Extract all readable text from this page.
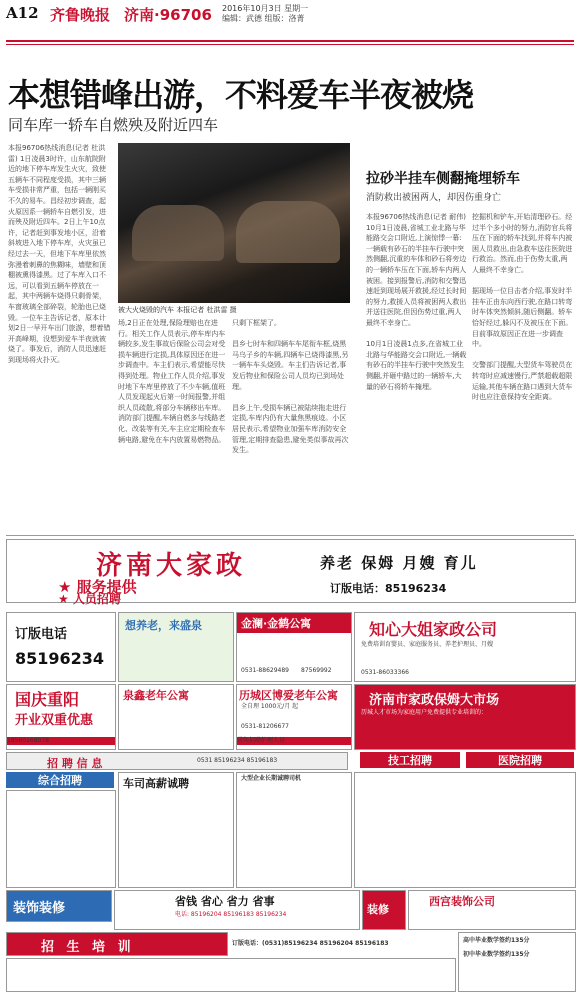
A12 齐鲁晚报 济南·96706 2016年10月3日 星期一
编辑：武德 组版：洛菁
本想错峰出游，不料爱车半夜被烧
同车库一轿车自燃殃及附近四车
本报96706热线消息(记者 杜洪雷) 1日凌晨3时许，山东航院附近的地下停车库发生火灾，致使五辆车不同程度受损，其中三辆车受损非常严重，包括一辆刚买不久的易车。昌经初步调查，起火原因系一辆轿车自燃引发，进而殃及附近四车。2日上午10点许，记者赶到事发地小区，沿着斜坡进入地下停车库，火灾虽已经过去一天，但地下车库里依然弥漫着刺鼻的焦糊味，墙壁和顶棚被熏得漆黑。过了车库入口不远，可以看到五辆车停放在一起，其中两辆车烧得只剩骨架，车窗玻璃全部碎裂，轮胎也已烧毁。一位车主告诉记者，原本计划2日一早开车出门旅游，想着错开高峰期，没想到爱车半夜就被烧了。事发后，消防人员迅速赶到现场将火扑灭。
被大火烧毁的汽车 本报记者 杜洪雷 摄
场,2日正在处理,保险理赔也在进行。相关工作人员表示,停车库内车辆较多,发生事故后保险公司会对受损车辆进行定损,具体原因还在进一步调查中。车主们表示,希望能尽快得到处理。物业工作人员介绍,事发时地下车库里停放了不少车辆,值班人员发现起火后第一时间报警,并组织人员疏散,将部分车辆移出车库。消防部门提醒,车辆自燃多与线路老化、改装等有关,车主应定期检查车辆电路,避免在车内放置易燃物品。
只剩下框架了。

昌乡七时车和四辆车车尾衔车框,烧黑马乌子乡的车辆,四辆车已烧得漆黑,另一辆车车头烧毁。车主们告诉记者,事发后物业和保险公司人员均已到场处理。

昌乡上午,受损车辆已被陆续拖走进行定损,车库内仍有大量焦黑痕迹。小区居民表示,希望物业加强车库消防安全管理,定期排查隐患,避免类似事故再次发生。
拉砂半挂车侧翻掩埋轿车
消防救出被困两人，却因伤重身亡
本报96706热线消息(记者 耐伟) 10月1日凌晨,省城工业北路与华能路交会口附近,上演惊悸一幕:一辆载有砂石的半挂车行驶中突然侧翻,沉重的车体和砂石将旁边的一辆轿车压在下面,轿车内两人被困。接到报警后,消防和交警迅速赶到现场展开救援,经过长时间的努力,救援人员将被困两人救出并送往医院,但因伤势过重,两人最终不幸身亡。

10月1日凌晨1点多,在省城工业北路与华能路交会口附近,一辆载有砂石的半挂车行驶中突然发生侧翻,并砸中路过的一辆轿车,大量的砂石将轿车掩埋。
挖掘机和铲车,开始清理砂石。经过半个多小时的努力,消防官兵将压在下面的轿车找到,并将车内被困人员救出,由急救车送往医院进行救治。然而,由于伤势太重,两人最终不幸身亡。

据现场一位目击者介绍,事发时半挂车正由东向西行驶,在路口转弯时车体突然倾斜,随后侧翻。轿车恰好经过,躲闪不及被压在下面。目前事故原因正在进一步调查中。

交警部门提醒,大型货车驾驶员在转弯时应减速慢行,严禁超载超限运输,其他车辆在路口遇到大货车时也应注意保持安全距离。
济南大家政	养老 保姆 月嫂 育儿
★ 服务提供
★ 人员招聘
订版电话：85196234
订版电话
85196234
想养老，来盛泉	金澜·金鹤公寓
0531-88629489 87569992
知心大姐家政公司
免费培训育婴员、家庭服务员、养老护理员、月嫂
0531-86033366
国庆重阳
开业双重优惠
18560168078
泉鑫老年公寓	历城区博爱老年公寓
全自理 1000元/月 起
0531-81206677
常年招聘护理人员
济南市家政保姆大市场
历城人才市场为家庭用户免费提供专业培训的：
招 聘 信 息	0531 85196234 85196183	技工招聘	医院招聘
综合招聘	车司高薪诚聘	大型企业长期诚聘司机
装饰装修
进行中
省钱 省心 省力 省事
电话: 85196204 85196183 85196234	装修
西宫装饰公司
招 生 培 训	订版电话：(0531)85196234 85196204 85196183	高中毕业数学签约135分
初中毕业数学签约135分
